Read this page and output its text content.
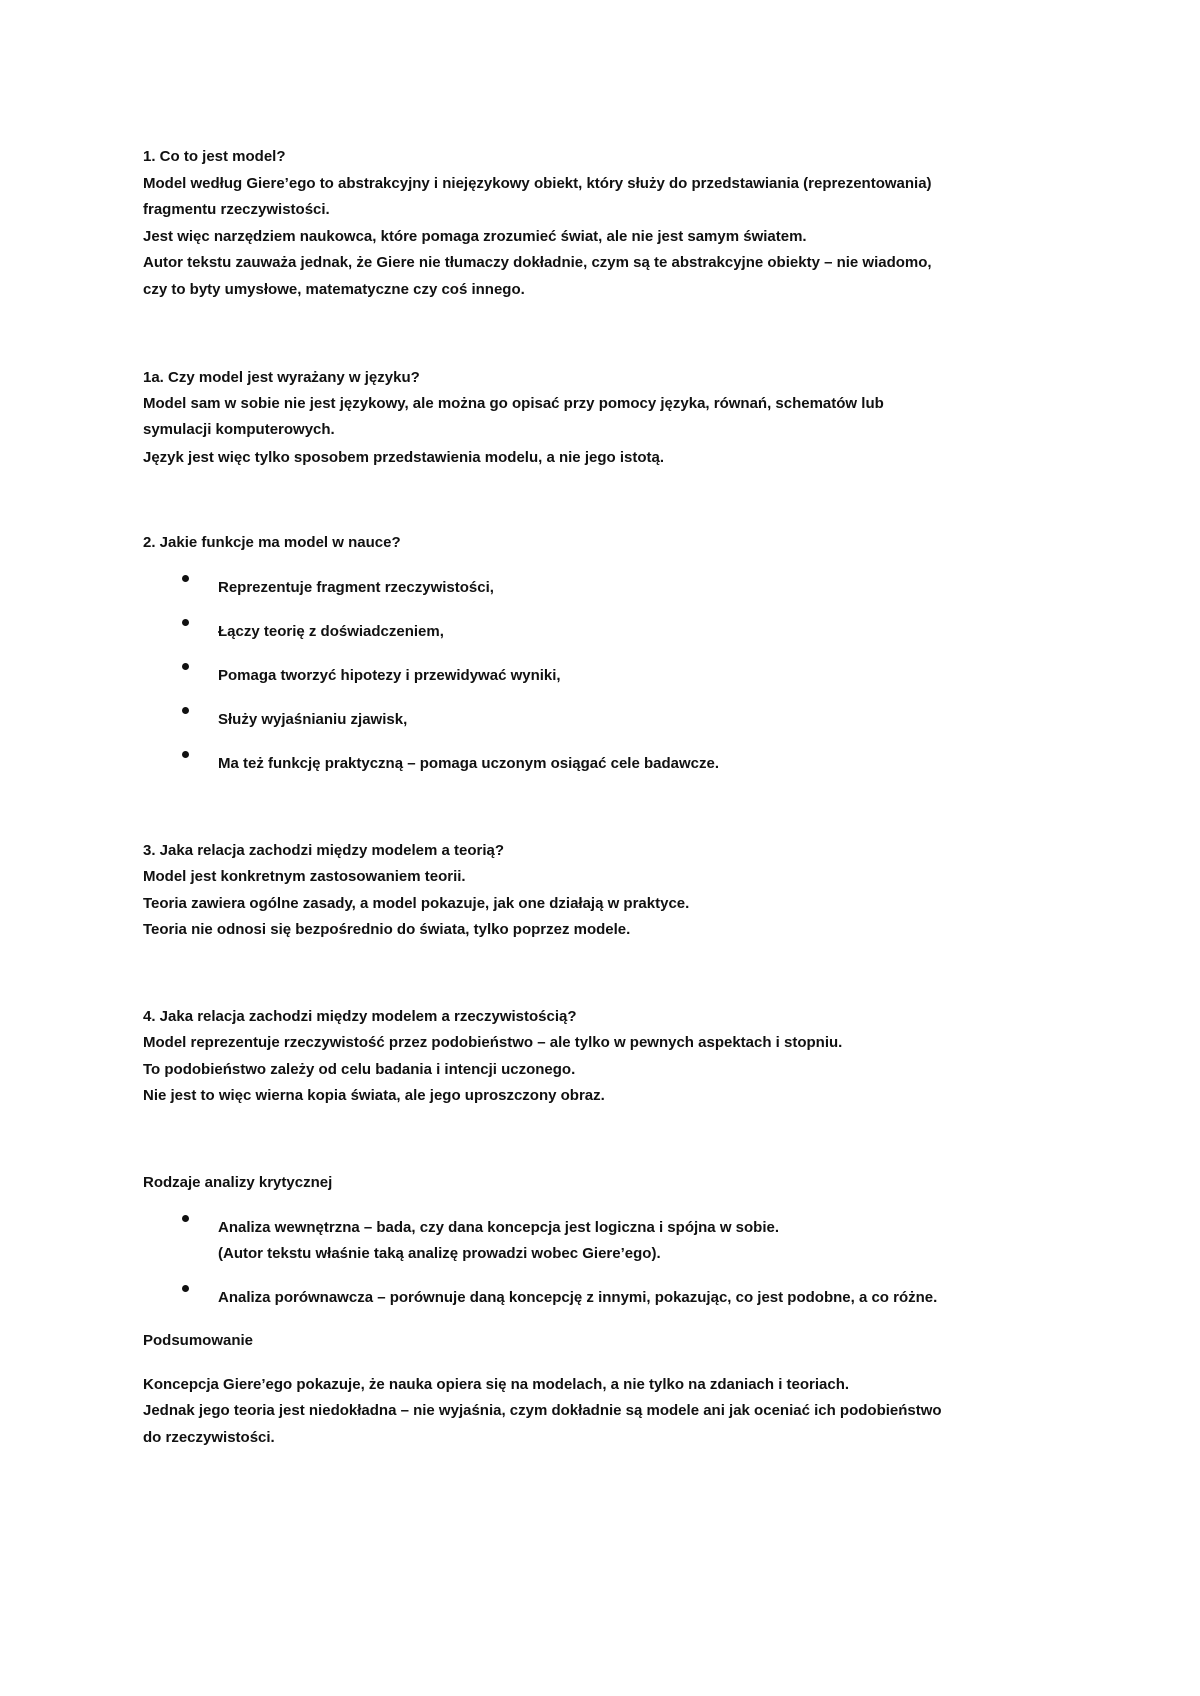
1. Co to jest model?
Model według Giere’ego to abstrakcyjny i niejęzykowy obiekt, który służy do przedstawiania (reprezentowania)
fragmentu rzeczywistości.
Jest więc narzędziem naukowca, które pomaga zrozumieć świat, ale nie jest samym światem.
Autor tekstu zauważa jednak, że Giere nie tłumaczy dokładnie, czym są te abstrakcyjne obiekty – nie wiadomo,
czy to byty umysłowe, matematyczne czy coś innego.
1a. Czy model jest wyrażany w języku?
Model sam w sobie nie jest językowy, ale można go opisać przy pomocy języka, równań, schematów lub
symulacji komputerowych.
Język jest więc tylko sposobem przedstawienia modelu, a nie jego istotą.
2. Jakie funkcje ma model w nauce?
Reprezentuje fragment rzeczywistości,
Łączy teorię z doświadczeniem,
Pomaga tworzyć hipotezy i przewidywać wyniki,
Służy wyjaśnianiu zjawisk,
Ma też funkcję praktyczną – pomaga uczonym osiągać cele badawcze.
3. Jaka relacja zachodzi między modelem a teorią?
Model jest konkretnym zastosowaniem teorii.
Teoria zawiera ogólne zasady, a model pokazuje, jak one działają w praktyce.
Teoria nie odnosi się bezpośrednio do świata, tylko poprzez modele.
4. Jaka relacja zachodzi między modelem a rzeczywistością?
Model reprezentuje rzeczywistość przez podobieństwo – ale tylko w pewnych aspektach i stopniu.
To podobieństwo zależy od celu badania i intencji uczonego.
Nie jest to więc wierna kopia świata, ale jego uproszczony obraz.
Rodzaje analizy krytycznej
Analiza wewnętrzna – bada, czy dana koncepcja jest logiczna i spójna w sobie.
(Autor tekstu właśnie taką analizę prowadzi wobec Giere’ego).
Analiza porównawcza – porównuje daną koncepcję z innymi, pokazując, co jest podobne, a co różne.
Podsumowanie
Koncepcja Giere’ego pokazuje, że nauka opiera się na modelach, a nie tylko na zdaniach i teoriach.
Jednak jego teoria jest niedokładna – nie wyjaśnia, czym dokładnie są modele ani jak oceniać ich podobieństwo
do rzeczywistości.
